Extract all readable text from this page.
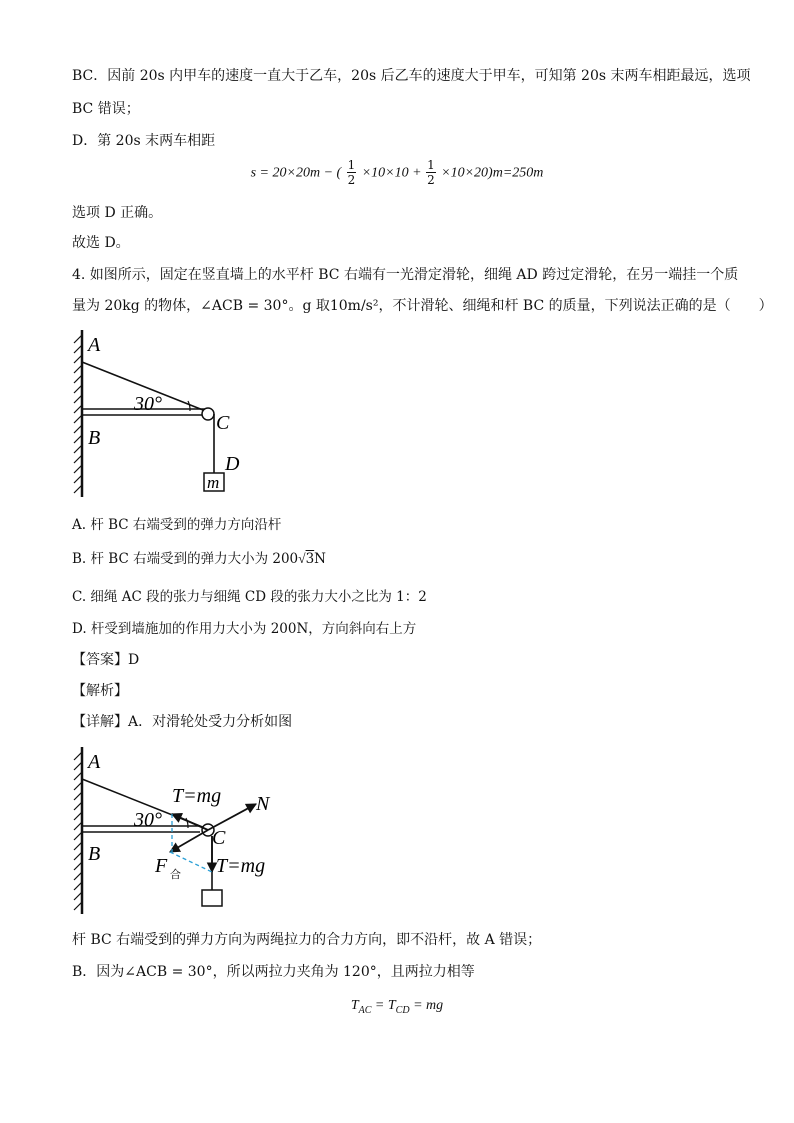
BC．因前 20s 内甲车的速度一直大于乙车，20s 后乙车的速度大于甲车，可知第 20s 末两车相距最远，选项
BC 错误；
D．第 20s 末两车相距
s = 20×20m − ( $\frac{1}{2} \times 10\times 10 + \frac{1}{2} \times 10\times 20)m=250m$
选项 D 正确。
故选 D。
4. 如图所示，固定在竖直墙上的水平杆 BC 右端有一光滑定滑轮，细绳 AD 跨过定滑轮，在另一端挂一个质
量为 20kg 的物体，∠ACB = 30°。g 取10m/s²，不计滑轮、细绳和杆 BC 的质量，下列说法正确的是（　　）
A
30°
C
B
D
m
A. 杆 BC 右端受到的弹力方向沿杆
B. 杆 BC 右端受到的弹力大小为 200√3N
C. 细绳 AC 段的张力与细绳 CD 段的张力大小之比为 1：2
D. 杆受到墙施加的作用力大小为 200N，方向斜向右上方
【答案】D
【解析】
【详解】A．对滑轮处受力分析如图
A
T=mg N
30°
C
B
T=mg
F 合
杆 BC 右端受到的弹力方向为两绳拉力的合力方向，即不沿杆，故 A 错误；
B．因为∠ACB = 30°，所以两拉力夹角为 120°，且两拉力相等
$T_{AC} = T_{CD}$ = mg
